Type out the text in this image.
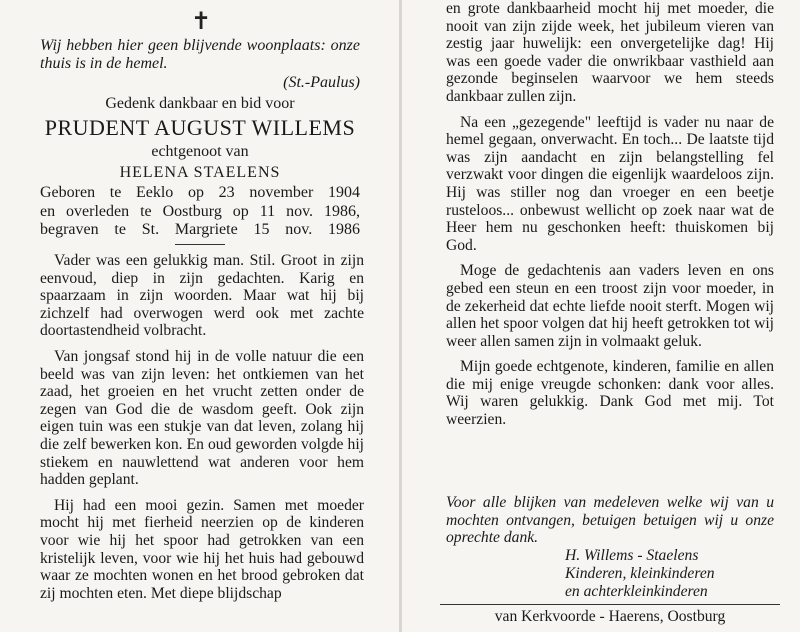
✝
Wij hebben hier geen blijvende woonplaats: onze thuis is in de hemel.
(St.-Paulus)
Gedenk dankbaar en bid voor
PRUDENT AUGUST WILLEMS
echtgenoot van
HELENA STAELENS

Geboren te Eeklo op 23 november 1904

en overleden te Oostburg op 11 nov. 1986,

begraven te St. Margriete 15 nov. 1986

Vader was een gelukkig man. Stil. Groot in zijn eenvoud, diep in zijn gedachten. Karig en spaarzaam in zijn woorden. Maar wat hij bij zichzelf had overwogen werd ook met zachte doortastendheid volbracht.

Van jongsaf stond hij in de volle natuur die een beeld was van zijn leven: het ontkiemen van het zaad, het groeien en het vrucht zetten onder de zegen van God die de wasdom geeft. Ook zijn eigen tuin was een stukje van dat leven, zolang hij die zelf bewerken kon. En oud geworden volgde hij stiekem en nauwlettend wat anderen voor hem hadden geplant.

Hij had een mooi gezin. Samen met moeder mocht hij met fierheid neerzien op de kinderen voor wie hij het spoor had getrokken van een kristelijk leven, voor wie hij het huis had gebouwd waar ze mochten wonen en het brood gebroken dat zij mochten eten. Met diepe blijdschap

en grote dankbaarheid mocht hij met moeder, die nooit van zijn zijde week, het jubileum vieren van zestig jaar huwelijk: een onvergetelijke dag! Hij was een goede vader die onwrikbaar vasthield aan gezonde beginselen waarvoor we hem steeds dankbaar zullen zijn.

Na een „gezegende" leeftijd is vader nu naar de hemel gegaan, onverwacht. En toch... De laatste tijd was zijn aandacht en zijn belangstelling fel verzwakt voor dingen die eigenlijk waardeloos zijn. Hij was stiller nog dan vroeger en een beetje rusteloos... onbewust wellicht op zoek naar wat de Heer hem nu geschonken heeft: thuiskomen bij God.

Moge de gedachtenis aan vaders leven en ons gebed een steun en een troost zijn voor moeder, in de zekerheid dat echte liefde nooit sterft. Mogen wij allen het spoor volgen dat hij heeft getrokken tot wij weer allen samen zijn in volmaakt geluk.

Mijn goede echtgenote, kinderen, familie en allen die mij enige vreugde schonken: dank voor alles. Wij waren gelukkig. Dank God met mij. Tot weerzien.

Voor alle blijken van medeleven welke wij van u mochten ontvangen, betuigen betuigen wij u onze oprechte dank.
H. Willems - Staelens
Kinderen, kleinkinderen
en achterkleinkinderen
van Kerkvoorde - Haerens, Oostburg
